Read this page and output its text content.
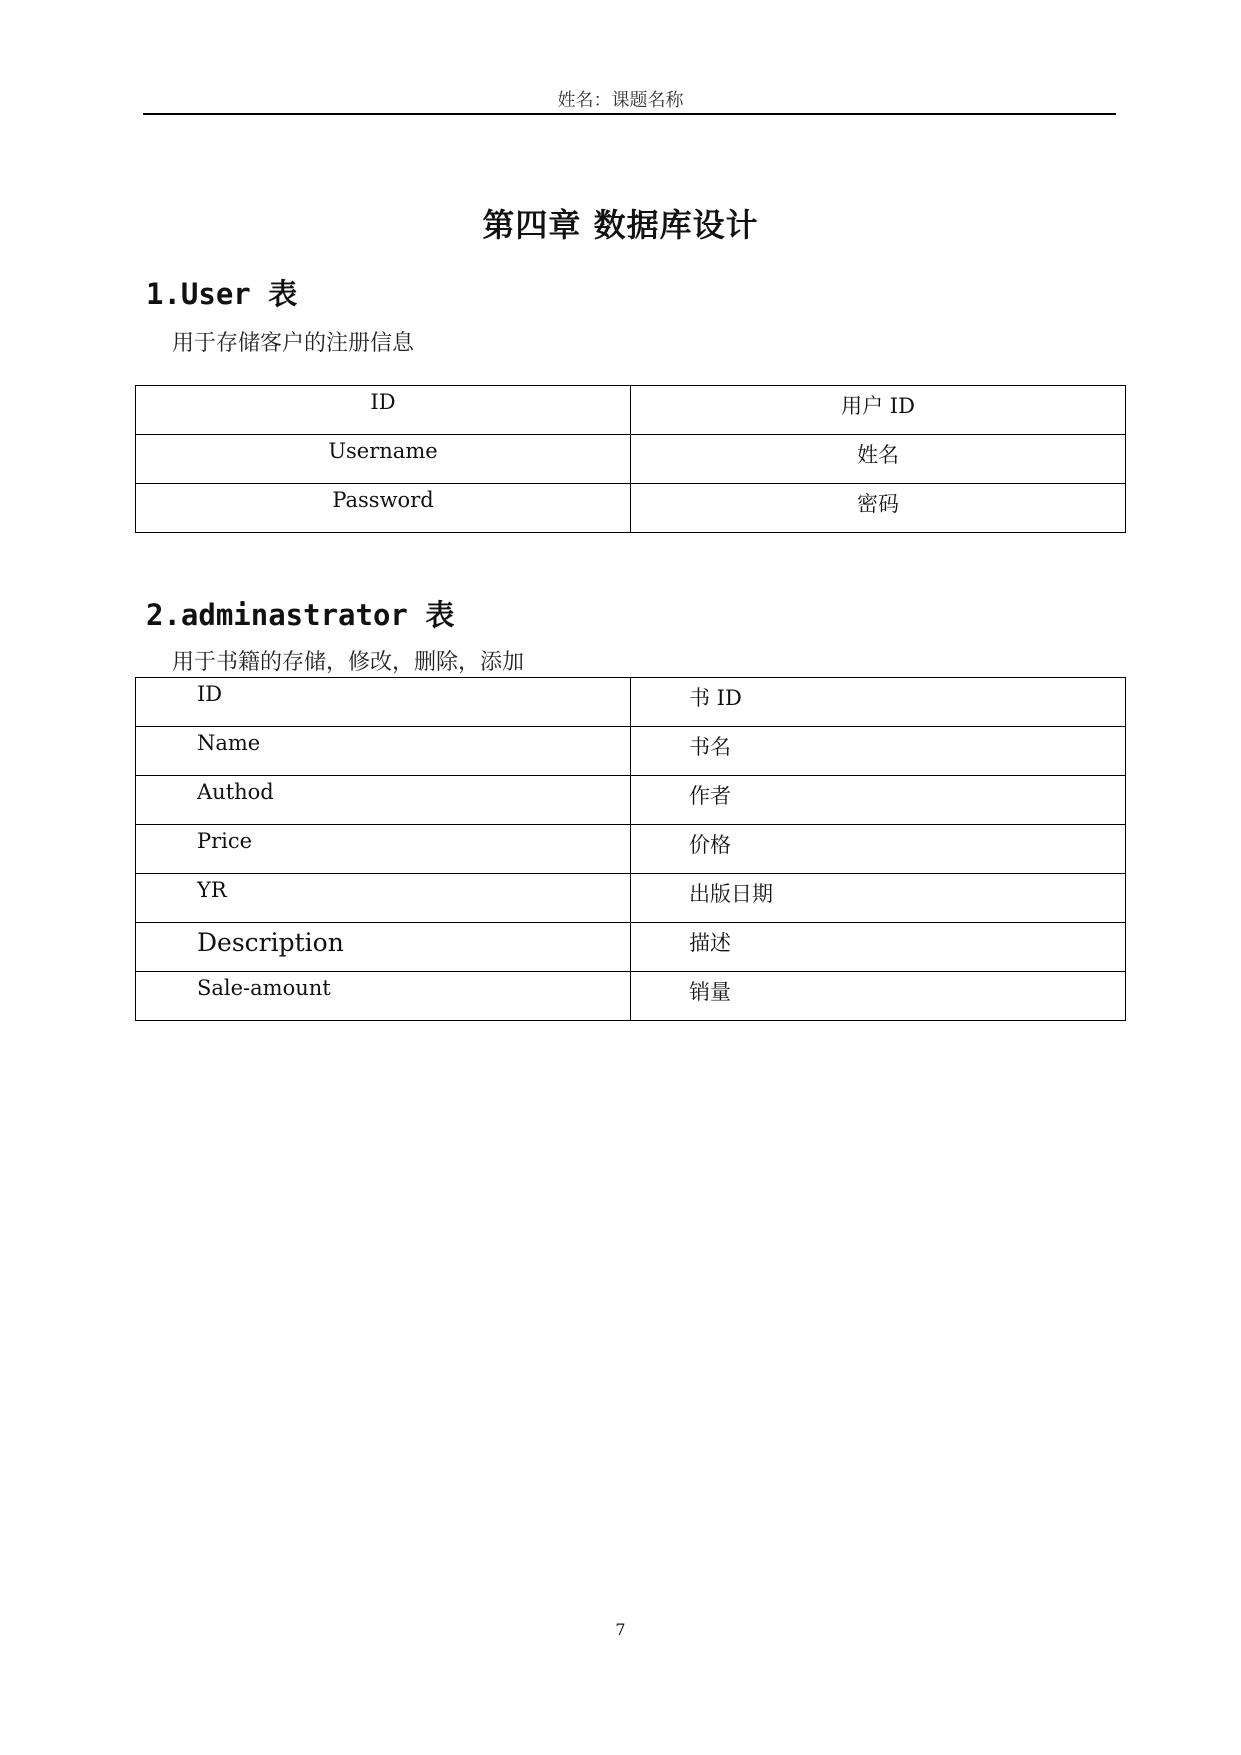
姓名：课题名称
第四章 数据库设计
1.User 表
用于存储客户的注册信息
ID	用户 ID
Username	姓名
Password	密码
2.adminastrator 表
用于书籍的存储，修改，删除，添加
ID	书 ID
Name	书名
Authod	作者
Price	价格
YR	出版日期
Description	描述
Sale-amount	销量
7
